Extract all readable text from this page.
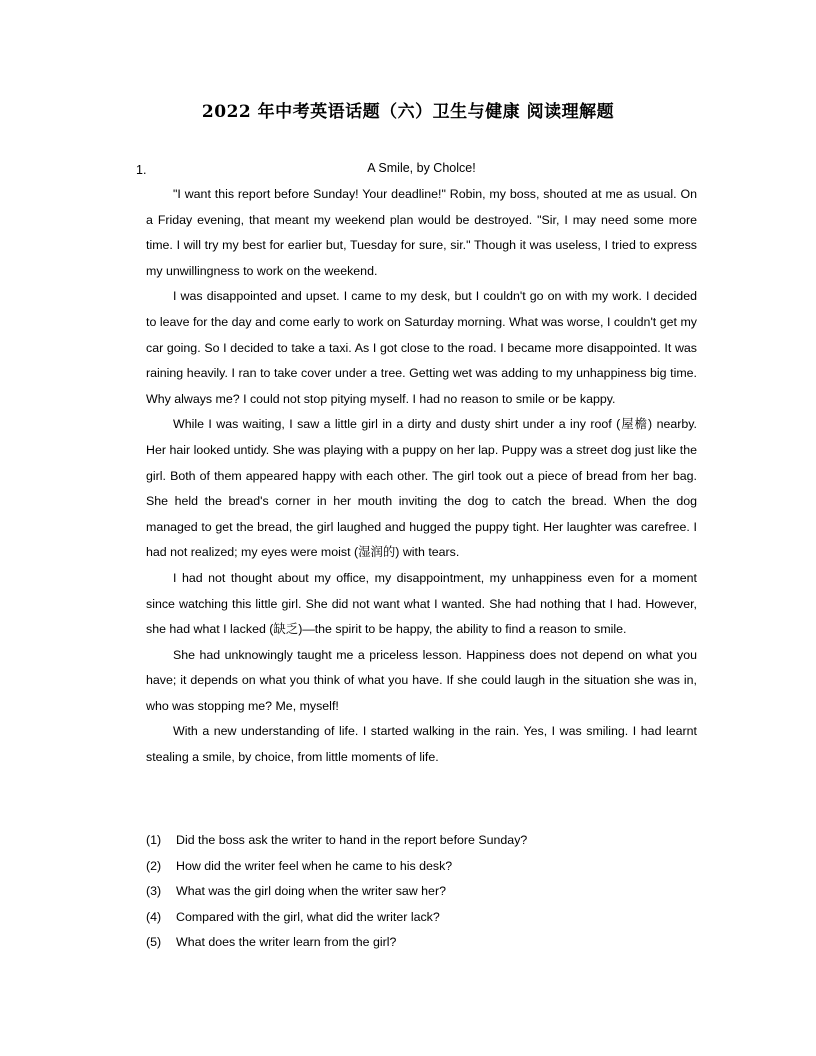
2022 年中考英语话题（六）卫生与健康 阅读理解题
1.	A Smile, by Cholce!

"I want this report before Sunday! Your deadline!" Robin, my boss, shouted at me as usual. On a Friday evening, that meant my weekend plan would be destroyed. "Sir, I may need some more time. I will try my best for earlier but, Tuesday for sure, sir." Though it was useless, I tried to express my unwillingness to work on the weekend.

I was disappointed and upset. I came to my desk, but I couldn't go on with my work. I decided to leave for the day and come early to work on Saturday morning. What was worse, I couldn't get my car going. So I decided to take a taxi. As I got close to the road. I became more disappointed. It was raining heavily. I ran to take cover under a tree. Getting wet was adding to my unhappiness big time. Why always me? I could not stop pitying myself. I had no reason to smile or be kappy.

While I was waiting, I saw a little girl in a dirty and dusty shirt under a iny roof (屋檐) nearby. Her hair looked untidy. She was playing with a puppy on her lap. Puppy was a street dog just like the girl. Both of them appeared happy with each other. The girl took out a piece of bread from her bag. She held the bread's corner in her mouth inviting the dog to catch the bread. When the dog managed to get the bread, the girl laughed and hugged the puppy tight. Her laughter was carefree. I had not realized; my eyes were moist (湿润的) with tears.

I had not thought about my office, my disappointment, my unhappiness even for a moment since watching this little girl. She did not want what I wanted. She had nothing that I had. However, she had what I lacked (缺乏)—the spirit to be happy, the ability to find a reason to smile.

She had unknowingly taught me a priceless lesson. Happiness does not depend on what you have; it depends on what you think of what you have. If she could laugh in the situation she was in, who was stopping me? Me, myself!

With a new understanding of life. I started walking in the rain. Yes, I was smiling. I had learnt stealing a smile, by choice, from little moments of life.

(1)	Did the boss ask the writer to hand in the report before Sunday?
(2)	How did the writer feel when he came to his desk?
(3)	What was the girl doing when the writer saw her?
(4)	Compared with the girl, what did the writer lack?
(5)	What does the writer learn from the girl?
